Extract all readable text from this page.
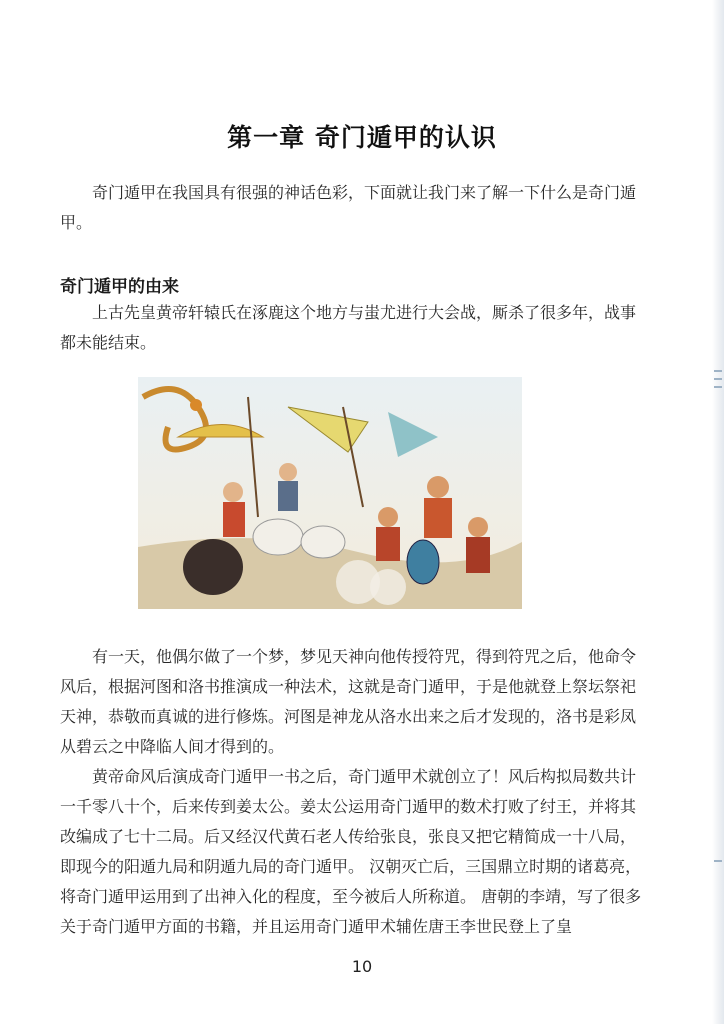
第一章 奇门遁甲的认识

　　奇门遁甲在我国具有很强的神话色彩，下面就让我门来了解一下什么是奇门遁甲。

奇门遁甲的由来

　　上古先皇黄帝轩辕氏在涿鹿这个地方与蚩尤进行大会战，厮杀了很多年，战事都未能结束。

　　有一天，他偶尔做了一个梦，梦见天神向他传授符咒，得到符咒之后，他命令风后，根据河图和洛书推演成一种法术，这就是奇门遁甲，于是他就登上祭坛祭祀天神，恭敬而真诚的进行修炼。河图是神龙从洛水出来之后才发现的，洛书是彩凤从碧云之中降临人间才得到的。

　　黄帝命风后演成奇门遁甲一书之后，奇门遁甲术就创立了！风后构拟局数共计一千零八十个，后来传到姜太公。姜太公运用奇门遁甲的数术打败了纣王，并将其改编成了七十二局。后又经汉代黄石老人传给张良，张良又把它精简成一十八局，即现今的阳遁九局和阴遁九局的奇门遁甲。 汉朝灭亡后，三国鼎立时期的诸葛亮，将奇门遁甲运用到了出神入化的程度，至今被后人所称道。 唐朝的李靖，写了很多关于奇门遁甲方面的书籍，并且运用奇门遁甲术辅佐唐王李世民登上了皇

10
